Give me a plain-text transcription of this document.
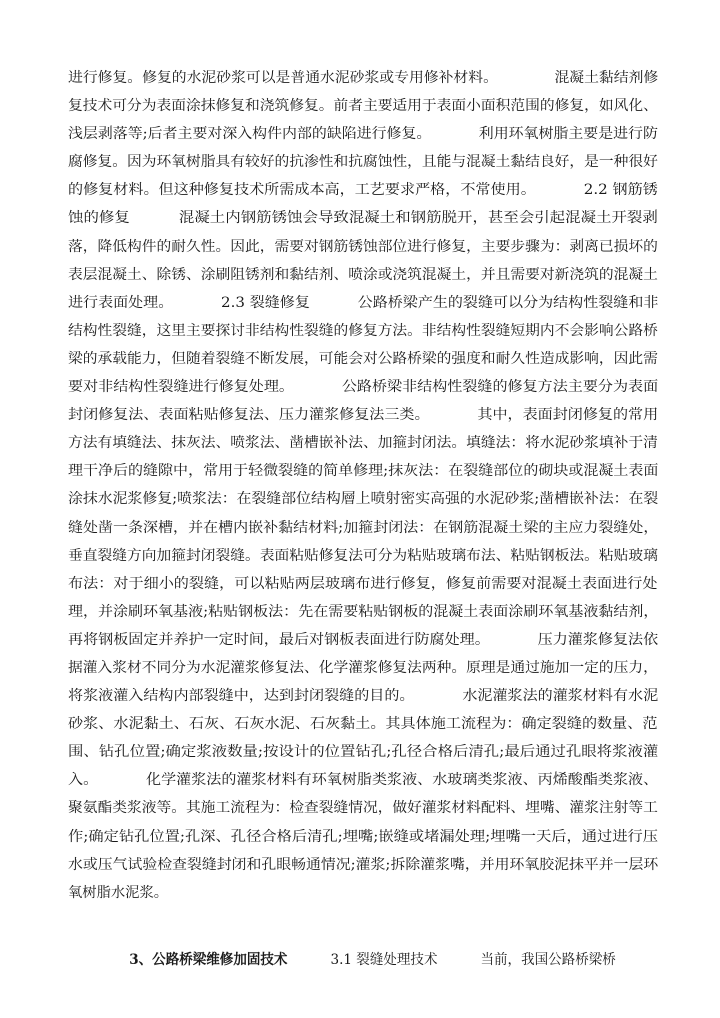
进行修复。修复的水泥砂浆可以是普通水泥砂浆或专用修补材料。            混凝土黏结剂修
复技术可分为表面涂抹修复和浇筑修复。前者主要适用于表面小面积范围的修复，如风化、
浅层剥落等;后者主要对深入构件内部的缺陷进行修复。          利用环氧树脂主要是进行防
腐修复。因为环氧树脂具有较好的抗渗性和抗腐蚀性，且能与混凝土黏结良好，是一种很好
的修复材料。但这种修复技术所需成本高，工艺要求严格，不常使用。          2.2 钢筋锈
蚀的修复          混凝土内钢筋锈蚀会导致混凝土和钢筋脱开，甚至会引起混凝土开裂剥
落，降低构件的耐久性。因此，需要对钢筋锈蚀部位进行修复，主要步骤为：剥离已损坏的
表层混凝土、除锈、涂刷阻锈剂和黏结剂、喷涂或浇筑混凝土，并且需要对新浇筑的混凝土
进行表面处理。          2.3 裂缝修复          公路桥梁产生的裂缝可以分为结构性裂缝和非
结构性裂缝，这里主要探讨非结构性裂缝的修复方法。非结构性裂缝短期内不会影响公路桥
梁的承载能力，但随着裂缝不断发展，可能会对公路桥梁的强度和耐久性造成影响，因此需
要对非结构性裂缝进行修复处理。          公路桥梁非结构性裂缝的修复方法主要分为表面
封闭修复法、表面粘贴修复法、压力灌浆修复法三类。          其中，表面封闭修复的常用
方法有填缝法、抹灰法、喷浆法、凿槽嵌补法、加箍封闭法。填缝法：将水泥砂浆填补于清
理干净后的缝隙中，常用于轻微裂缝的简单修理;抹灰法：在裂缝部位的砌块或混凝土表面
涂抹水泥浆修复;喷浆法：在裂缝部位结构層上喷射密实高强的水泥砂浆;凿槽嵌补法：在裂
缝处凿一条深槽，并在槽内嵌补黏结材料;加箍封闭法：在钢筋混凝土梁的主应力裂缝处，
垂直裂缝方向加箍封闭裂缝。表面粘贴修复法可分为粘贴玻璃布法、粘贴钢板法。粘贴玻璃
布法：对于细小的裂缝，可以粘贴两层玻璃布进行修复，修复前需要对混凝土表面进行处
理，并涂刷环氧基液;粘贴钢板法：先在需要粘贴钢板的混凝土表面涂刷环氧基液黏结剂，
再将钢板固定并养护一定时间，最后对钢板表面进行防腐处理。          压力灌浆修复法依
据灌入浆材不同分为水泥灌浆修复法、化学灌浆修复法两种。原理是通过施加一定的压力，
将浆液灌入结构内部裂缝中，达到封闭裂缝的目的。          水泥灌浆法的灌浆材料有水泥
砂浆、水泥黏土、石灰、石灰水泥、石灰黏土。其具体施工流程为：确定裂缝的数量、范
围、钻孔位置;确定浆液数量;按设计的位置钻孔;孔径合格后清孔;最后通过孔眼将浆液灌
入。          化学灌浆法的灌浆材料有环氧树脂类浆液、水玻璃类浆液、丙烯酸酯类浆液、
聚氨酯类浆液等。其施工流程为：检查裂缝情况，做好灌浆材料配料、埋嘴、灌浆注射等工
作;确定钻孔位置;孔深、孔径合格后清孔;埋嘴;嵌缝或堵漏处理;埋嘴一天后，通过进行压
水或压气试验检查裂缝封闭和孔眼畅通情况;灌浆;拆除灌浆嘴，并用环氧胶泥抹平并一层环
氧树脂水泥浆。

3、公路桥梁维修加固技术          3.1 裂缝处理技术          当前，我国公路桥梁桥
